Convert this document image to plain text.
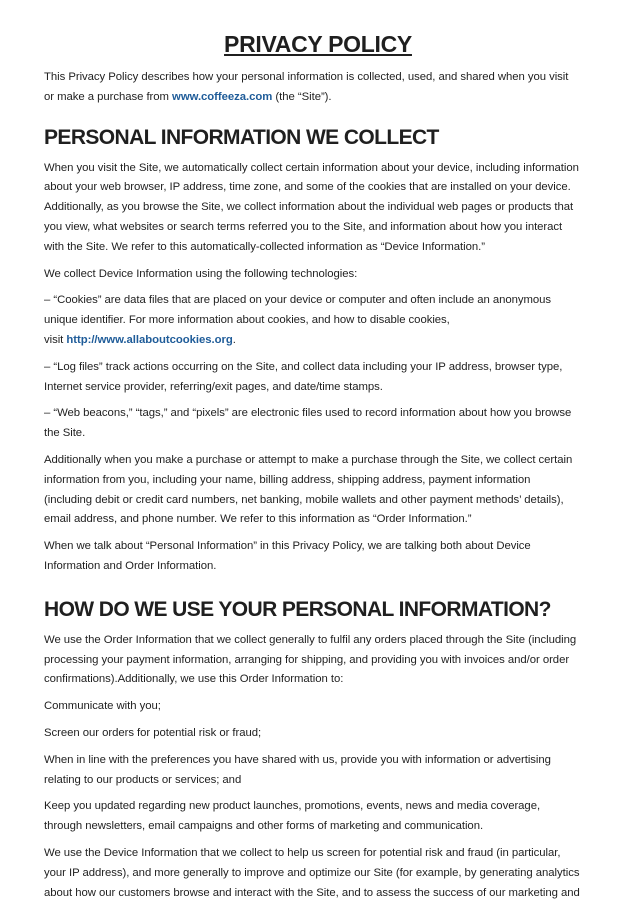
PRIVACY POLICY

This Privacy Policy describes how your personal information is collected, used, and shared when you visit

or make a purchase from www.coffeeza.com (the “Site”).

PERSONAL INFORMATION WE COLLECT

When you visit the Site, we automatically collect certain information about your device, including information

about your web browser, IP address, time zone, and some of the cookies that are installed on your device.

Additionally, as you browse the Site, we collect information about the individual web pages or products that

you view, what websites or search terms referred you to the Site, and information about how you interact

with the Site. We refer to this automatically-collected information as “Device Information.”

We collect Device Information using the following technologies:

– “Cookies” are data files that are placed on your device or computer and often include an anonymous

unique identifier. For more information about cookies, and how to disable cookies,

visit http://www.allaboutcookies.org.

– “Log files” track actions occurring on the Site, and collect data including your IP address, browser type,

Internet service provider, referring/exit pages, and date/time stamps.

– “Web beacons,” “tags,” and “pixels” are electronic files used to record information about how you browse

the Site.

Additionally when you make a purchase or attempt to make a purchase through the Site, we collect certain

information from you, including your name, billing address, shipping address, payment information

(including debit or credit card numbers, net banking, mobile wallets and other payment methods’ details),

email address, and phone number. We refer to this information as “Order Information.”

When we talk about “Personal Information” in this Privacy Policy, we are talking both about Device

Information and Order Information.

HOW DO WE USE YOUR PERSONAL INFORMATION?

We use the Order Information that we collect generally to fulfil any orders placed through the Site (including

processing your payment information, arranging for shipping, and providing you with invoices and/or order

confirmations).Additionally, we use this Order Information to:

Communicate with you;

Screen our orders for potential risk or fraud;

When in line with the preferences you have shared with us, provide you with information or advertising

relating to our products or services; and

Keep you updated regarding new product launches, promotions, events, news and media coverage,

through newsletters, email campaigns and other forms of marketing and communication.

We use the Device Information that we collect to help us screen for potential risk and fraud (in particular,

your IP address), and more generally to improve and optimize our Site (for example, by generating analytics

about how our customers browse and interact with the Site, and to assess the success of our marketing and
